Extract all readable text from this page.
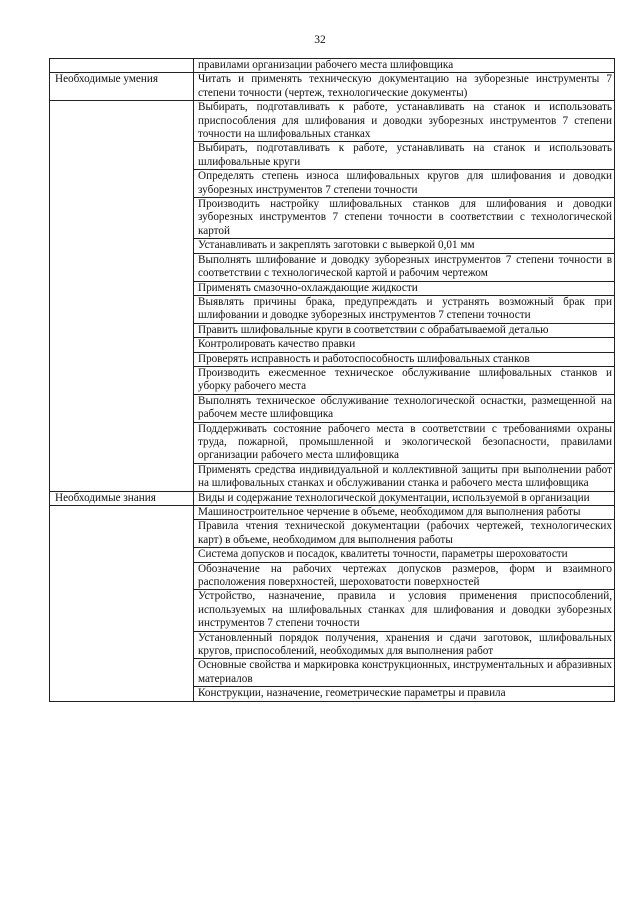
32
	правилами организации рабочего места шлифовщика
Необходимые умения	Читать и применять техническую документацию на зуборезные инструменты 7 степени точности (чертеж, технологические документы)
	Выбирать, подготавливать к работе, устанавливать на станок и использовать приспособления для шлифования и доводки зуборезных инструментов 7 степени точности на шлифовальных станках
	Выбирать, подготавливать к работе, устанавливать на станок и использовать шлифовальные круги
	Определять степень износа шлифовальных кругов для шлифования и доводки зуборезных инструментов 7 степени точности
	Производить настройку шлифовальных станков для шлифования и доводки зуборезных инструментов 7 степени точности в соответствии с технологической картой
	Устанавливать и закреплять заготовки с выверкой 0,01 мм
	Выполнять шлифование и доводку зуборезных инструментов 7 степени точности в соответствии с технологической картой и рабочим чертежом
	Применять смазочно-охлаждающие жидкости
	Выявлять причины брака, предупреждать и устранять возможный брак при шлифовании и доводке зуборезных инструментов 7 степени точности
	Править шлифовальные круги в соответствии с обрабатываемой деталью
	Контролировать качество правки
	Проверять исправность и работоспособность шлифовальных станков
	Производить ежесменное техническое обслуживание шлифовальных станков и уборку рабочего места
	Выполнять техническое обслуживание технологической оснастки, размещенной на рабочем месте шлифовщика
	Поддерживать состояние рабочего места в соответствии с требованиями охраны труда, пожарной, промышленной и экологической безопасности, правилами организации рабочего места шлифовщика
	Применять средства индивидуальной и коллективной защиты при выполнении работ на шлифовальных станках и обслуживании станка и рабочего места шлифовщика
Необходимые знания	Виды и содержание технологической документации, используемой в организации
	Машиностроительное черчение в объеме, необходимом для выполнения работы
	Правила чтения технической документации (рабочих чертежей, технологических карт) в объеме, необходимом для выполнения работы
	Система допусков и посадок, квалитеты точности, параметры шероховатости
	Обозначение на рабочих чертежах допусков размеров, форм и взаимного расположения поверхностей, шероховатости поверхностей
	Устройство, назначение, правила и условия применения приспособлений, используемых на шлифовальных станках для шлифования и доводки зуборезных инструментов 7 степени точности
	Установленный порядок получения, хранения и сдачи заготовок, шлифовальных кругов, приспособлений, необходимых для выполнения работ
	Основные свойства и маркировка конструкционных, инструментальных и абразивных материалов
	Конструкции, назначение, геометрические параметры и правила
